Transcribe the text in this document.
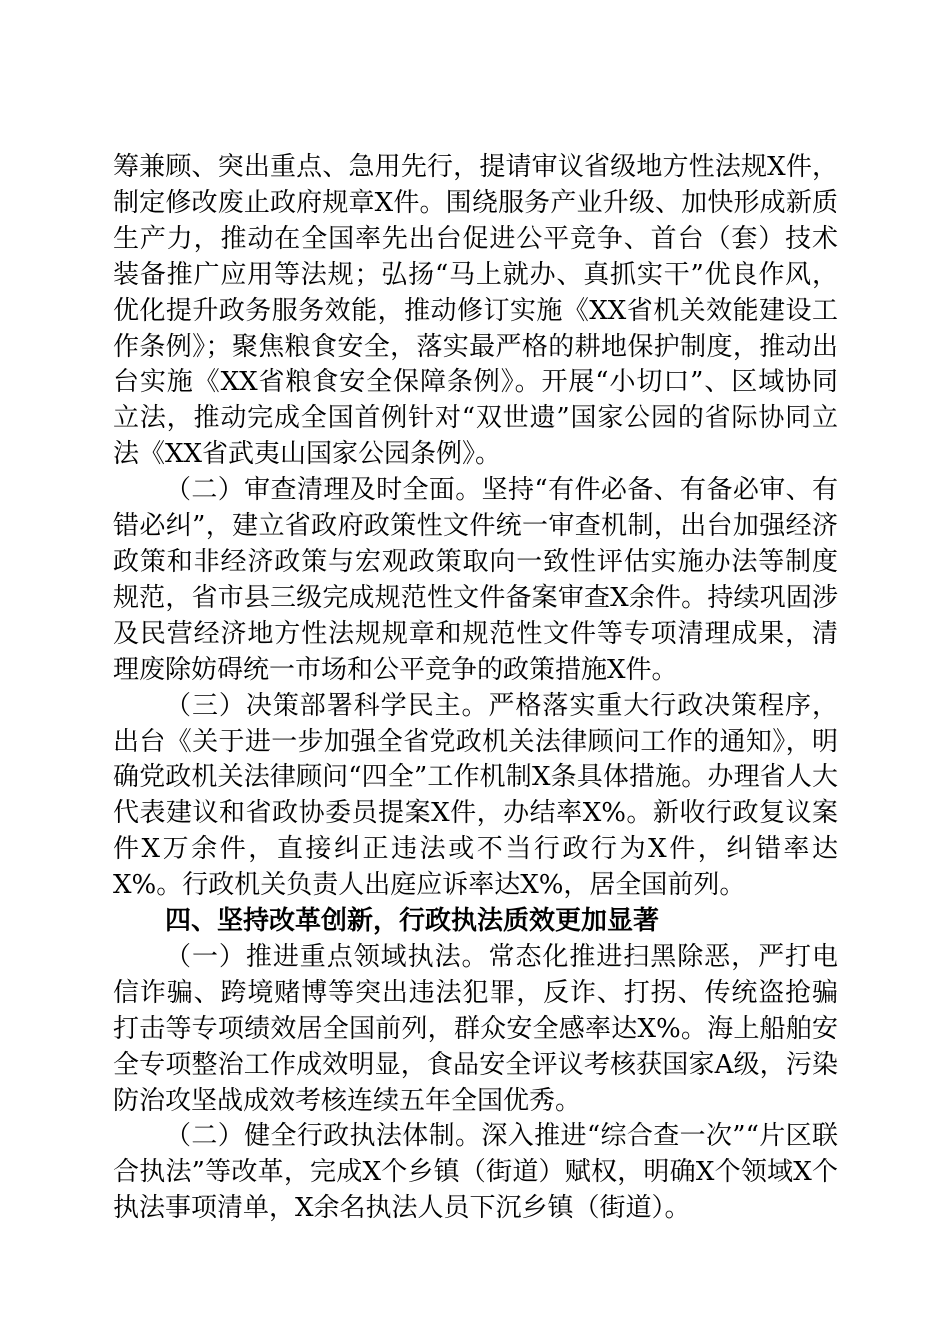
筹兼顾、突出重点、急用先行，提请审议省级地方性法规X件，制定修改废止政府规章X件。围绕服务产业升级、加快形成新质生产力，推动在全国率先出台促进公平竞争、首台（套）技术装备推广应用等法规；弘扬“马上就办、真抓实干”优良作风，优化提升政务服务效能，推动修订实施《XX省机关效能建设工作条例》；聚焦粮食安全，落实最严格的耕地保护制度，推动出台实施《XX省粮食安全保障条例》。开展“小切口”、区域协同立法，推动完成全国首例针对“双世遗”国家公园的省际协同立法《XX省武夷山国家公园条例》。

（二）审查清理及时全面。坚持“有件必备、有备必审、有错必纠”，建立省政府政策性文件统一审查机制，出台加强经济政策和非经济政策与宏观政策取向一致性评估实施办法等制度规范，省市县三级完成规范性文件备案审查X余件。持续巩固涉及民营经济地方性法规规章和规范性文件等专项清理成果，清理废除妨碍统一市场和公平竞争的政策措施X件。

（三）决策部署科学民主。严格落实重大行政决策程序，出台《关于进一步加强全省党政机关法律顾问工作的通知》，明确党政机关法律顾问“四全”工作机制X条具体措施。办理省人大代表建议和省政协委员提案X件，办结率X%。新收行政复议案件X万余件，直接纠正违法或不当行政行为X件，纠错率达X%。行政机关负责人出庭应诉率达X%，居全国前列。

四、坚持改革创新，行政执法质效更加显著

（一）推进重点领域执法。常态化推进扫黑除恶，严打电信诈骗、跨境赌博等突出违法犯罪，反诈、打拐、传统盗抢骗打击等专项绩效居全国前列，群众安全感率达X%。海上船舶安全专项整治工作成效明显，食品安全评议考核获国家A级，污染防治攻坚战成效考核连续五年全国优秀。

（二）健全行政执法体制。深入推进“综合查一次”“片区联合执法”等改革，完成X个乡镇（街道）赋权，明确X个领域X个执法事项清单，X余名执法人员下沉乡镇（街道）。
